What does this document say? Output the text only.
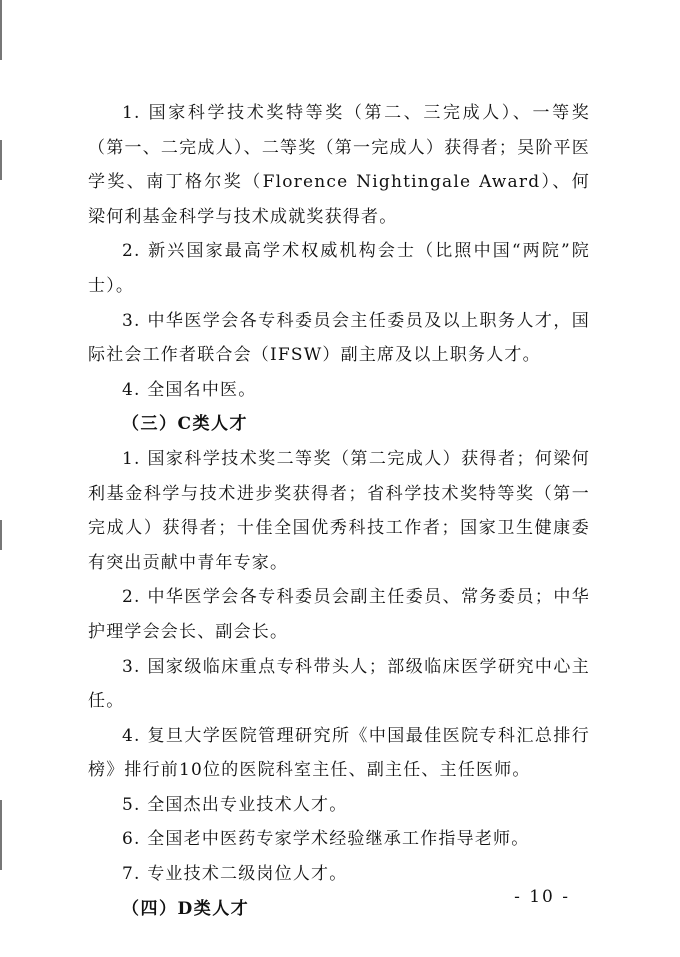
1. 国家科学技术奖特等奖（第二、三完成人）、一等奖（第一、二完成人）、二等奖（第一完成人）获得者；吴阶平医学奖、南丁格尔奖（Florence Nightingale Award）、何梁何利基金科学与技术成就奖获得者。

2. 新兴国家最高学术权威机构会士（比照中国“两院”院士）。

3. 中华医学会各专科委员会主任委员及以上职务人才，国际社会工作者联合会（IFSW）副主席及以上职务人才。

4. 全国名中医。

（三）C类人才

1. 国家科学技术奖二等奖（第二完成人）获得者；何梁何利基金科学与技术进步奖获得者；省科学技术奖特等奖（第一完成人）获得者；十佳全国优秀科技工作者；国家卫生健康委有突出贡献中青年专家。

2. 中华医学会各专科委员会副主任委员、常务委员；中华护理学会会长、副会长。

3. 国家级临床重点专科带头人；部级临床医学研究中心主任。

4. 复旦大学医院管理研究所《中国最佳医院专科汇总排行榜》排行前10位的医院科室主任、副主任、主任医师。

5. 全国杰出专业技术人才。

6. 全国老中医药专家学术经验继承工作指导老师。

7. 专业技术二级岗位人才。

（四）D类人才

- 10 -
